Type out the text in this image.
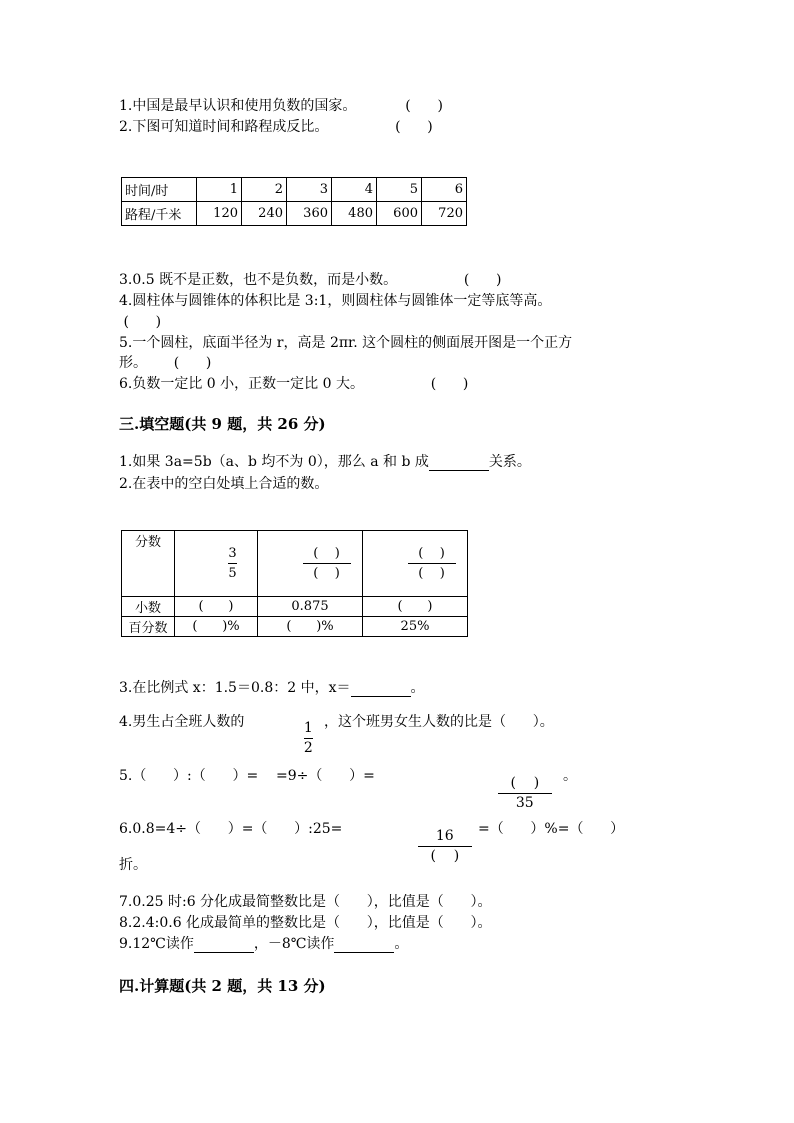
1.中国是最早认识和使用负数的国家。           (      )
2.下图可知道时间和路程成反比。               (      )
时间/时	1	2	3	4	5	6
路程/千米	120	240	360	480	600	720
3.0.5 既不是正数，也不是负数，而是小数。               (      )
4.圆柱体与圆锥体的体积比是 3:1，则圆柱体与圆锥体一定等底等高。
(      )
5.一个圆柱，底面半径为 r，高是 2πr. 这个圆柱的侧面展开图是一个正方
形。      (      )
6.负数一定比 0 小，正数一定比 0 大。               (      )
三.填空题(共 9 题，共 26 分)
1.如果 3a=5b（a、b 均不为 0），那么 a 和 b 成	关系。
2.在表中的空白处填上合适的数。
分数	$\frac{3}{5}$	$\frac{( )}{( )}$	$\frac{( )}{( )}$

小数	(      )	0.875	(      )
百分数	(      )%	(      )%	25%
3.在比例式 x：1.5＝0.8：2 中，x＝	。
4.男生占全班人数的

	$\frac{1}{2}$

，这个班男女生人数的比是（      ）。
5.（      ）:（      ）=    =9÷（      ）=

	$\frac{( )}{35}$

。
6.0.8=4÷（      ）=（      ）:25=

	$\frac{16}{( )}$

=（      ）%=（      ）
折。
7.0.25 时:6 分化成最简整数比是（      ），比值是（      ）。
8.2.4:0.6 化成最简单的整数比是（      ），比值是（      ）。
9.12℃读作	，－8℃读作	。
四.计算题(共 2 题，共 13 分)
